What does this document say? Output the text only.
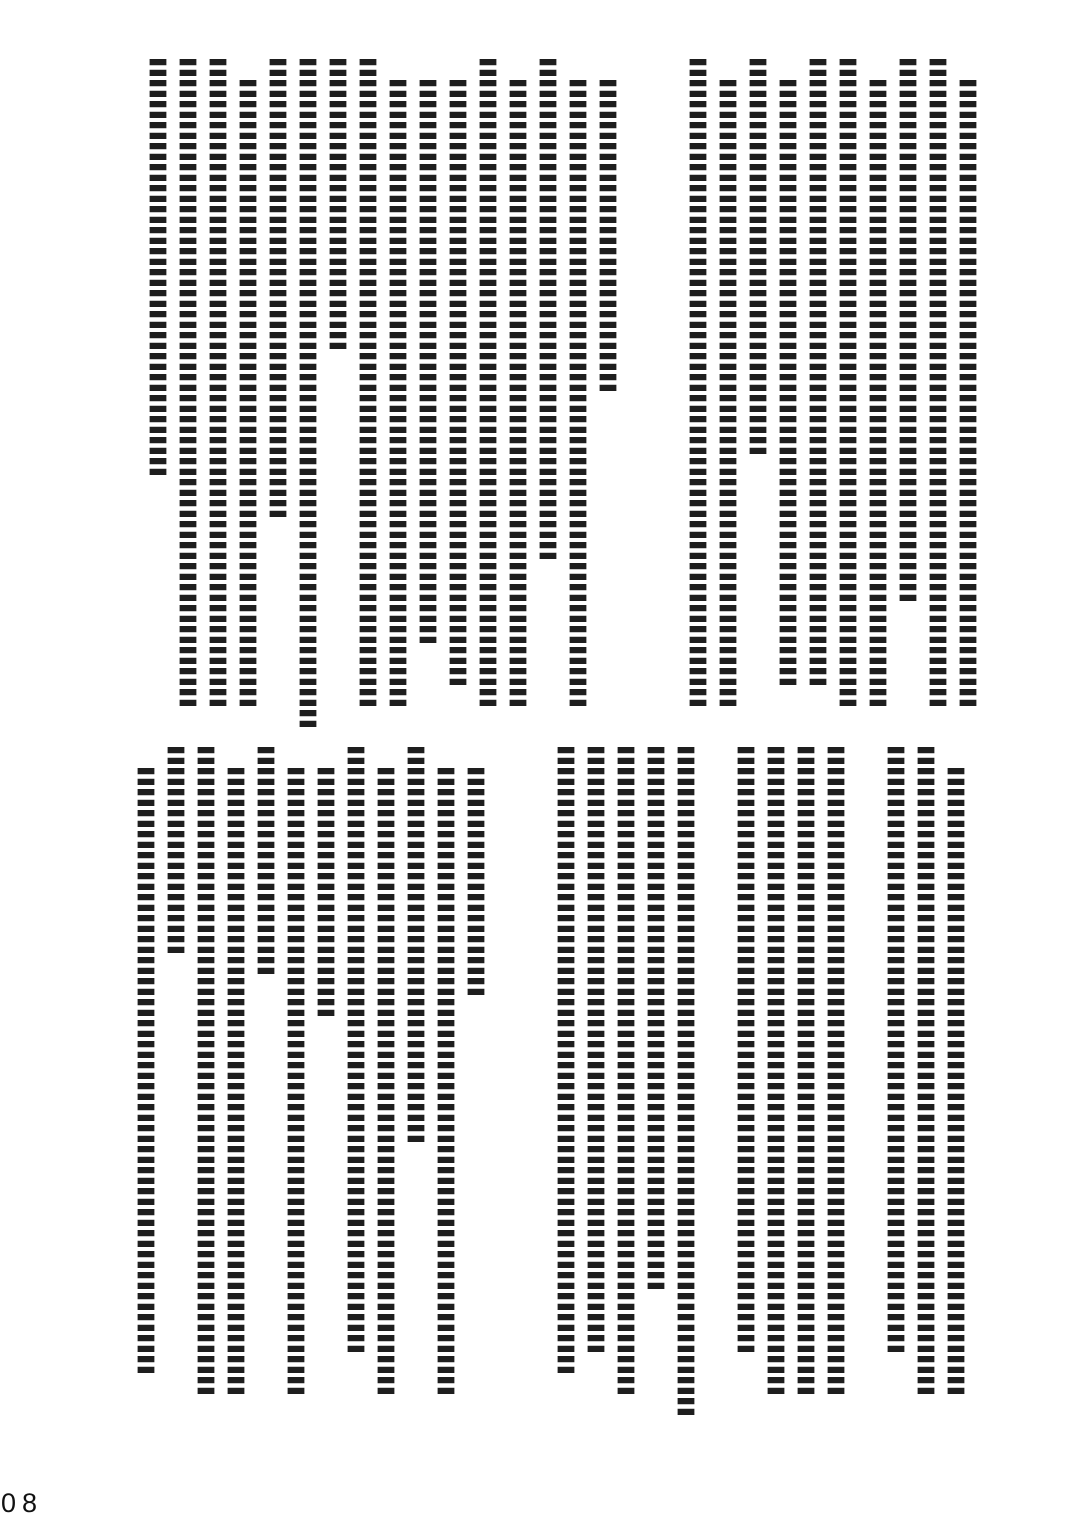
　〓〓〓〓〓〓〓〓〓〓〓〓〓〓〓〓〓〓〓〓〓〓〓〓〓〓〓〓〓〓
〓〓〓〓〓〓〓〓〓〓〓〓〓〓〓〓〓〓〓〓〓〓〓〓〓〓〓〓〓〓〓
〓〓〓〓〓〓〓〓〓〓〓〓〓〓〓〓〓〓〓〓〓〓〓〓〓〓
　〓〓〓〓〓〓〓〓〓〓〓〓〓〓〓〓〓〓〓〓〓〓〓〓〓〓〓〓〓〓
〓〓〓〓〓〓〓〓〓〓〓〓〓〓〓〓〓〓〓〓〓〓〓〓〓〓〓〓〓〓〓
〓〓〓〓〓〓〓〓〓〓〓〓〓〓〓〓〓〓〓〓〓〓〓〓〓〓〓〓〓〓
　〓〓〓〓〓〓〓〓〓〓〓〓〓〓〓〓〓〓〓〓〓〓〓〓〓〓〓〓〓
〓〓〓〓〓〓〓〓〓〓〓〓〓〓〓〓〓〓〓
　〓〓〓〓〓〓〓〓〓〓〓〓〓〓〓〓〓〓〓〓〓〓〓〓〓〓〓〓〓〓
〓〓〓〓〓〓〓〓〓〓〓〓〓〓〓〓〓〓〓〓〓〓〓〓〓〓〓〓〓〓〓
　〓〓〓〓〓〓〓〓〓〓〓〓〓〓〓
　〓〓〓〓〓〓〓〓〓〓〓〓〓〓〓〓〓〓〓〓〓〓〓〓〓〓〓〓〓〓
〓〓〓〓〓〓〓〓〓〓〓〓〓〓〓〓〓〓〓〓〓〓〓〓
　〓〓〓〓〓〓〓〓〓〓〓〓〓〓〓〓〓〓〓〓〓〓〓〓〓〓〓〓〓〓
〓〓〓〓〓〓〓〓〓〓〓〓〓〓〓〓〓〓〓〓〓〓〓〓〓〓〓〓〓〓〓
　〓〓〓〓〓〓〓〓〓〓〓〓〓〓〓〓〓〓〓〓〓〓〓〓〓〓〓〓〓
　〓〓〓〓〓〓〓〓〓〓〓〓〓〓〓〓〓〓〓〓〓〓〓〓〓〓〓
　〓〓〓〓〓〓〓〓〓〓〓〓〓〓〓〓〓〓〓〓〓〓〓〓〓〓〓〓〓〓
〓〓〓〓〓〓〓〓〓〓〓〓〓〓〓〓〓〓〓〓〓〓〓〓〓〓〓〓〓〓〓
〓〓〓〓〓〓〓〓〓〓〓〓〓〓
〓〓〓〓〓〓〓〓〓〓〓〓〓〓〓〓〓〓〓〓〓〓〓〓〓〓〓〓〓〓〓〓
〓〓〓〓〓〓〓〓〓〓〓〓〓〓〓〓〓〓〓〓〓〓
　〓〓〓〓〓〓〓〓〓〓〓〓〓〓〓〓〓〓〓〓〓〓〓〓〓〓〓〓〓〓
〓〓〓〓〓〓〓〓〓〓〓〓〓〓〓〓〓〓〓〓〓〓〓〓〓〓〓〓〓〓〓
〓〓〓〓〓〓〓〓〓〓〓〓〓〓〓〓〓〓〓〓〓〓〓〓〓〓〓〓〓〓〓
〓〓〓〓〓〓〓〓〓〓〓〓〓〓〓〓〓〓〓〓
　〓〓〓〓〓〓〓〓〓〓〓〓〓〓〓〓〓〓〓〓〓〓〓〓〓〓〓〓〓〓
〓〓〓〓〓〓〓〓〓〓〓〓〓〓〓〓〓〓〓〓〓〓〓〓〓〓〓〓〓〓〓
〓〓〓〓〓〓〓〓〓〓〓〓〓〓〓〓〓〓〓〓〓〓〓〓〓〓〓〓〓
〓〓〓〓〓〓〓〓〓〓〓〓〓〓〓〓〓〓〓〓〓〓〓〓〓〓〓〓〓〓〓
〓〓〓〓〓〓〓〓〓〓〓〓〓〓〓〓〓〓〓〓〓〓〓〓〓〓〓〓〓〓〓
〓〓〓〓〓〓〓〓〓〓〓〓〓〓〓〓〓〓〓〓〓〓〓〓〓〓〓〓〓〓〓
〓〓〓〓〓〓〓〓〓〓〓〓〓〓〓〓〓〓〓〓〓〓〓〓〓〓〓〓〓
〓〓〓〓〓〓〓〓〓〓〓〓〓〓〓〓〓〓〓〓〓〓〓〓〓〓〓〓〓〓〓〓
〓〓〓〓〓〓〓〓〓〓〓〓〓〓〓〓〓〓〓〓〓〓〓〓〓〓
〓〓〓〓〓〓〓〓〓〓〓〓〓〓〓〓〓〓〓〓〓〓〓〓〓〓〓〓〓〓〓
〓〓〓〓〓〓〓〓〓〓〓〓〓〓〓〓〓〓〓〓〓〓〓〓〓〓〓〓〓
〓〓〓〓〓〓〓〓〓〓〓〓〓〓〓〓〓〓〓〓〓〓〓〓〓〓〓〓〓〓
　〓〓〓〓〓〓〓〓〓〓〓
　〓〓〓〓〓〓〓〓〓〓〓〓〓〓〓〓〓〓〓〓〓〓〓〓〓〓〓〓〓〓
〓〓〓〓〓〓〓〓〓〓〓〓〓〓〓〓〓〓〓
　〓〓〓〓〓〓〓〓〓〓〓〓〓〓〓〓〓〓〓〓〓〓〓〓〓〓〓〓〓〓
〓〓〓〓〓〓〓〓〓〓〓〓〓〓〓〓〓〓〓〓〓〓〓〓〓〓〓〓〓
　〓〓〓〓〓〓〓〓〓〓〓〓
　〓〓〓〓〓〓〓〓〓〓〓〓〓〓〓〓〓〓〓〓〓〓〓〓〓〓〓〓〓〓
〓〓〓〓〓〓〓〓〓〓〓
　〓〓〓〓〓〓〓〓〓〓〓〓〓〓〓〓〓〓〓〓〓〓〓〓〓〓〓〓〓〓
〓〓〓〓〓〓〓〓〓〓〓〓〓〓〓〓〓〓〓〓〓〓〓〓〓〓〓〓〓〓〓
〓〓〓〓〓〓〓〓〓〓
　〓〓〓〓〓〓〓〓〓〓〓〓〓〓〓〓〓〓〓〓〓〓〓〓〓〓〓〓〓
08
